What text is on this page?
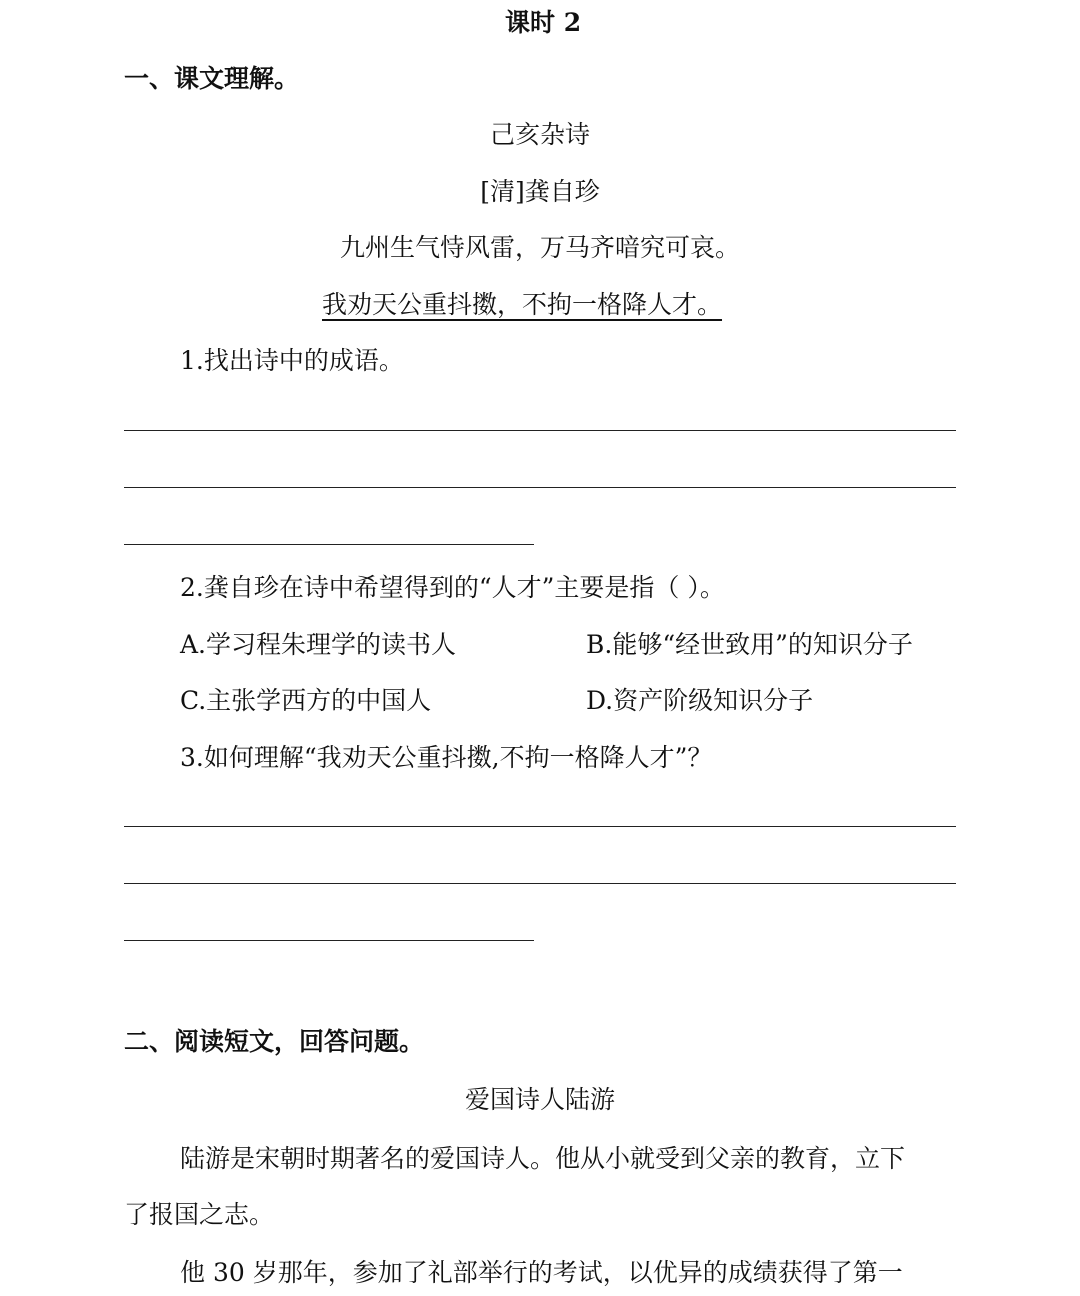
课时 2
一、课文理解。
己亥杂诗
[清]龚自珍
九州生气恃风雷，万马齐喑究可哀。
我劝天公重抖擞，不拘一格降人才。
1.找出诗中的成语。
2.龚自珍在诗中希望得到的“人才”主要是指（ ）。
A.学习程朱理学的读书人	B.能够“经世致用”的知识分子
C.主张学西方的中国人	D.资产阶级知识分子
3.如何理解“我劝天公重抖擞,不拘一格降人才”？
二、阅读短文，回答问题。
爱国诗人陆游
陆游是宋朝时期著名的爱国诗人。他从小就受到父亲的教育，立下
了报国之志。
他 30 岁那年，参加了礼部举行的考试，以优异的成绩获得了第一
